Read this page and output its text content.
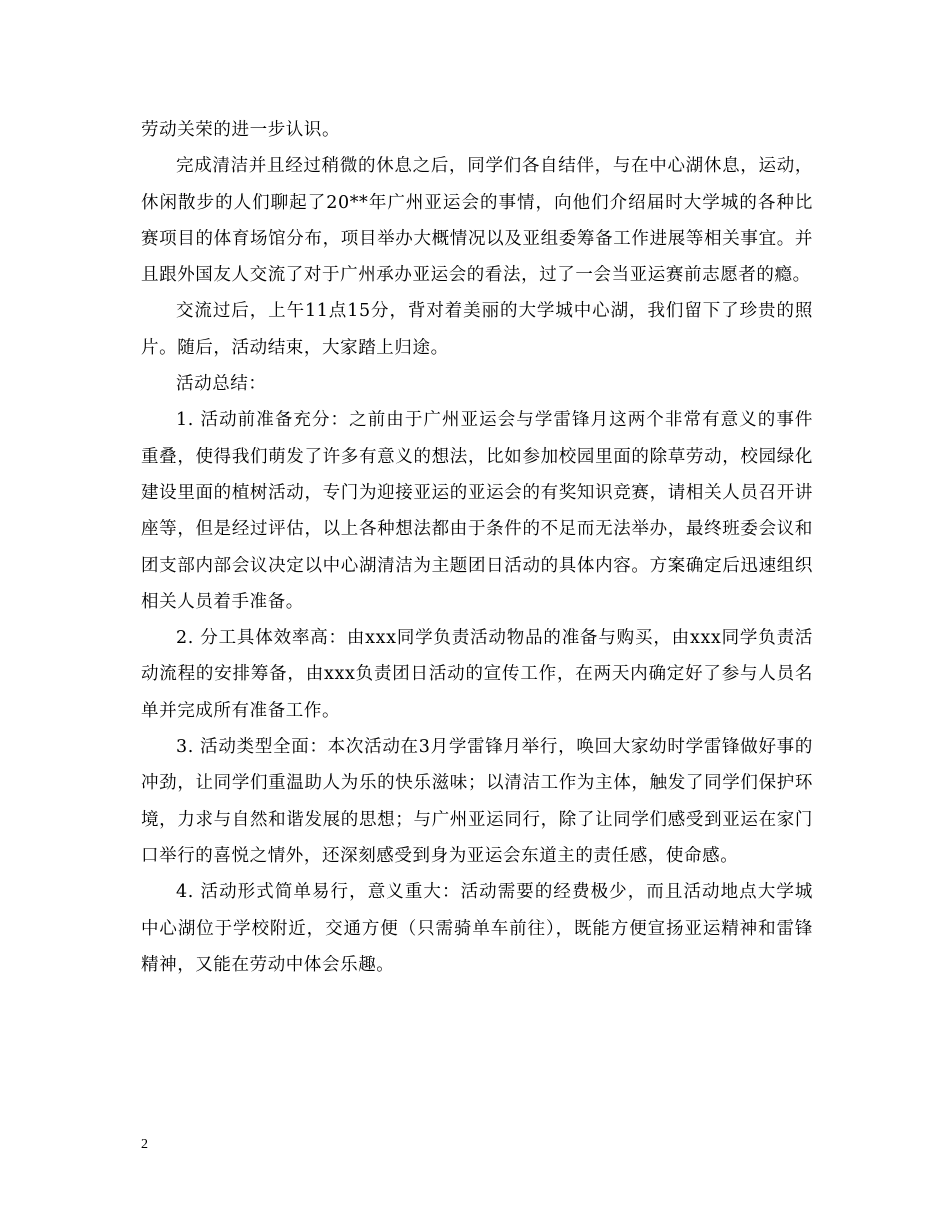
劳动关荣的进一步认识。

完成清洁并且经过稍微的休息之后，同学们各自结伴，与在中心湖休息，运动，休闲散步的人们聊起了20**年广州亚运会的事情，向他们介绍届时大学城的各种比赛项目的体育场馆分布，项目举办大概情况以及亚组委筹备工作进展等相关事宜。并且跟外国友人交流了对于广州承办亚运会的看法，过了一会当亚运赛前志愿者的瘾。

交流过后，上午11点15分，背对着美丽的大学城中心湖，我们留下了珍贵的照片。随后，活动结束，大家踏上归途。

活动总结：

1. 活动前准备充分：之前由于广州亚运会与学雷锋月这两个非常有意义的事件重叠，使得我们萌发了许多有意义的想法，比如参加校园里面的除草劳动，校园绿化建设里面的植树活动，专门为迎接亚运的亚运会的有奖知识竞赛，请相关人员召开讲座等，但是经过评估，以上各种想法都由于条件的不足而无法举办，最终班委会议和团支部内部会议决定以中心湖清洁为主题团日活动的具体内容。方案确定后迅速组织相关人员着手准备。

2. 分工具体效率高：由xxx同学负责活动物品的准备与购买，由xxx同学负责活动流程的安排筹备，由xxx负责团日活动的宣传工作，在两天内确定好了参与人员名单并完成所有准备工作。

3. 活动类型全面：本次活动在3月学雷锋月举行，唤回大家幼时学雷锋做好事的冲劲，让同学们重温助人为乐的快乐滋味；以清洁工作为主体，触发了同学们保护环境，力求与自然和谐发展的思想；与广州亚运同行，除了让同学们感受到亚运在家门口举行的喜悦之情外，还深刻感受到身为亚运会东道主的责任感，使命感。

4. 活动形式简单易行，意义重大：活动需要的经费极少，而且活动地点大学城中心湖位于学校附近，交通方便（只需骑单车前往），既能方便宣扬亚运精神和雷锋精神，又能在劳动中体会乐趣。

2
